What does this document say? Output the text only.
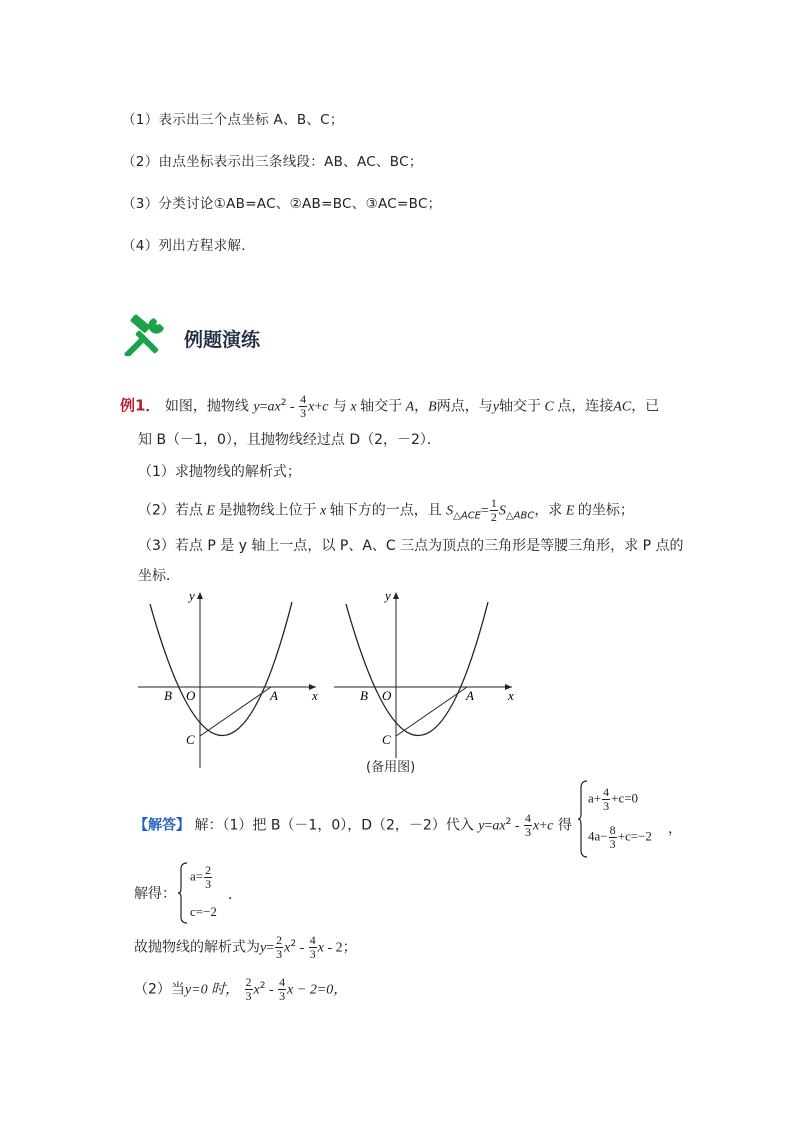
（1）表示出三个点坐标 A、B、C；
（2）由点坐标表示出三条线段：AB、AC、BC；
（3）分类讨论①AB=AC、②AB=BC、③AC=BC；
（4）列出方程求解．
例题演练
例1． 如图，抛物线 $y=ax^2 - \frac{4}{3} x+c$ 与 x 轴交于 A，B两点，与y轴交于 C 点，连接AC，已
知 B（－1，0），且抛物线经过点 D（2，－2）．
（1）求抛物线的解析式；
（2）若点 E 是抛物线上位于 x 轴下方的一点，且 $S_{\triangle ACE}= \frac{1}{2} S_{\triangle ABC}$，求 E 的坐标；
（3）若点 P 是 y 轴上一点，以 P、A、C 三点为顶点的三角形是等腰三角形，求 P 点的
坐标．
y
x
B O	A
C
y
x
B O	A
C
(备用图)
【解答】 解：（1）把 B（－1，0），D（2，－2）代入 $y=ax^2 - \frac{4}{3} x+c$ 得
$a+ \frac{4}{3} +c=0$
$4a- \frac{8}{3} +c=-2$ ，
解得：
$a= \frac{2}{3}$
c=−2
．
故抛物线的解析式为$y= \frac{2}{3} x^2 - \frac{4}{3}$ x - 2；
（2）当y=0 时， $\frac{2}{3} x^2 - \frac{4}{3}$ x − 2=0，
